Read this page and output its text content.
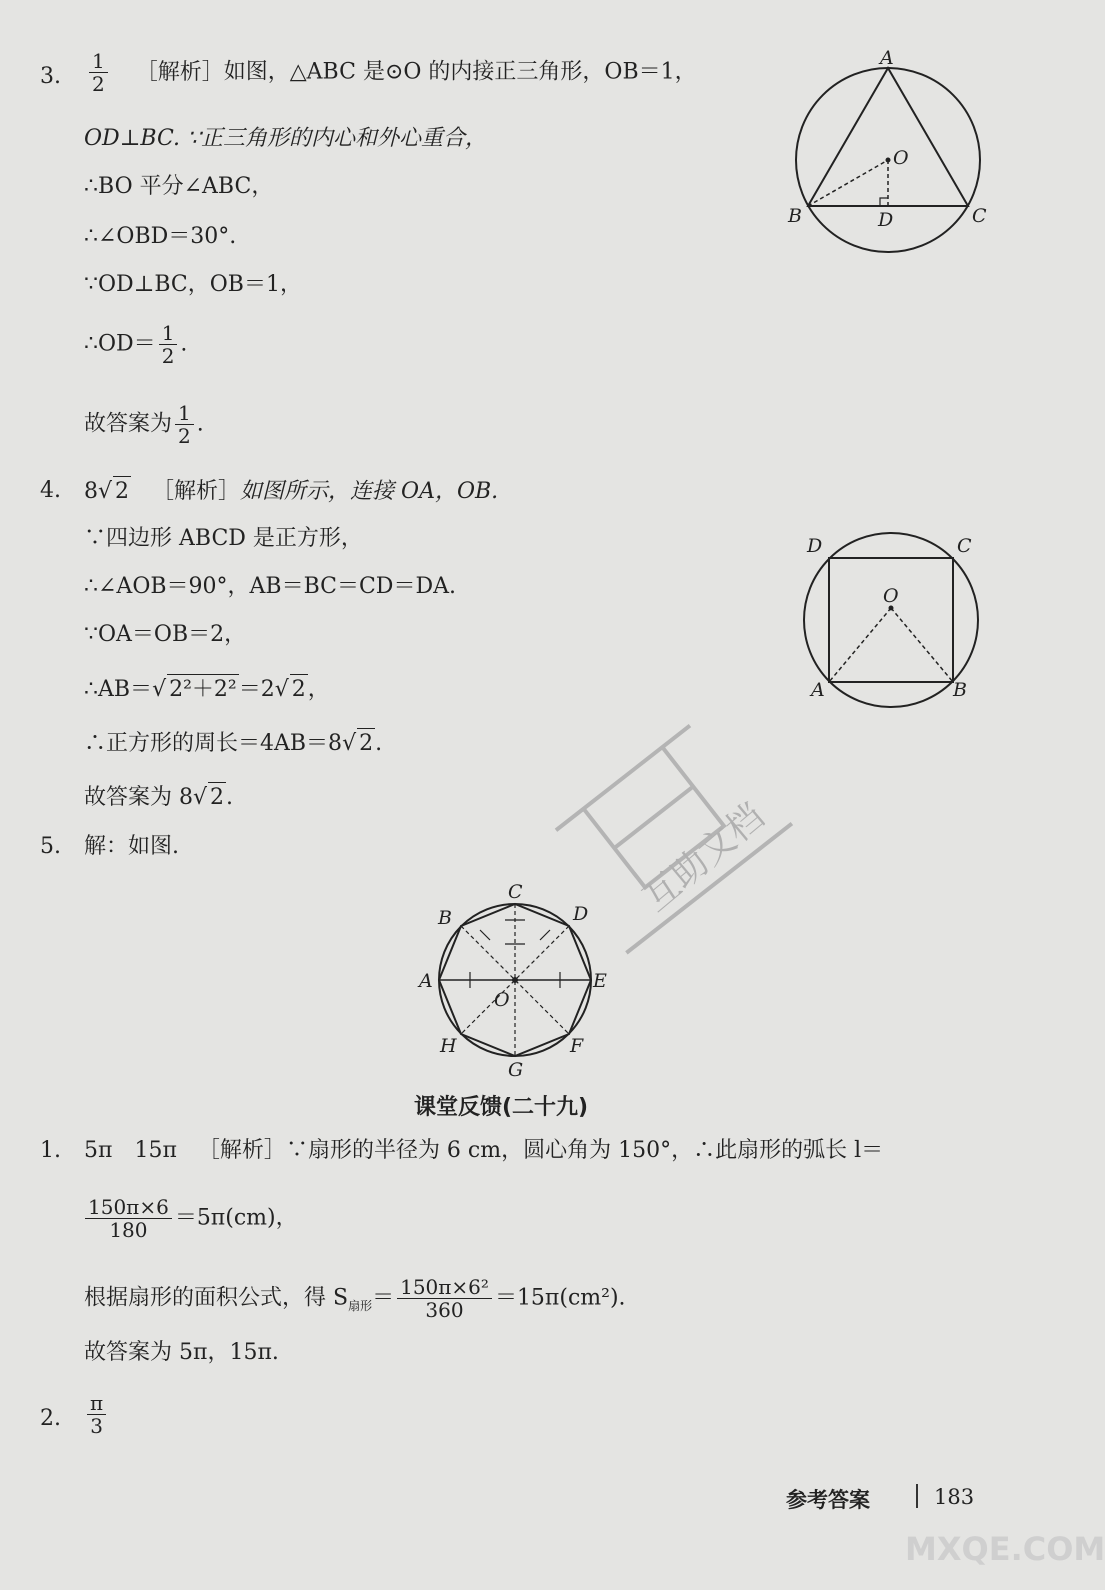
3. $\frac{1}{2}$ ［解析］如图，△ABC 是⊙O 的内接正三角形，OB＝1，
OD⊥BC. ∵正三角形的内心和外心重合，
∴BO 平分∠ABC，
∴∠OBD＝30°.
∵OD⊥BC，OB＝1，
∴OD＝ $\frac{1}{2}$ .
故答案为 $\frac{1}{2}$ .
A
B	C
D
O
4. 8√ 2 ［解析］如图所示，连接 OA，OB.
∵四边形 ABCD 是正方形，
∴∠AOB＝90°，AB＝BC＝CD＝DA.
∵OA＝OB＝2，
∴AB＝√ 2²＋2²＝2√ 2，
∴正方形的周长＝4AB＝8√ 2.
故答案为 8√ 2.
A	B
C
D
O
5. 解：如图.
A
B
C
D
E
F
G
H
O
课堂反馈(二十九)
1. 5π　15π ［解析］∵扇形的半径为 6 cm，圆心角为 150°，∴此扇形的弧长 l＝
$\frac{150\pi\times 6}{180} =5\pi(cm)$，
根据扇形的面积公式，得 $S_{扇形}= \frac{\text{150π×6²}}{360} =15\pi(cm^2)$.
故答案为 5π，15π.
2. $\frac{\pi}{3}$
参考答案	183
互助文档
MXQE.COM
